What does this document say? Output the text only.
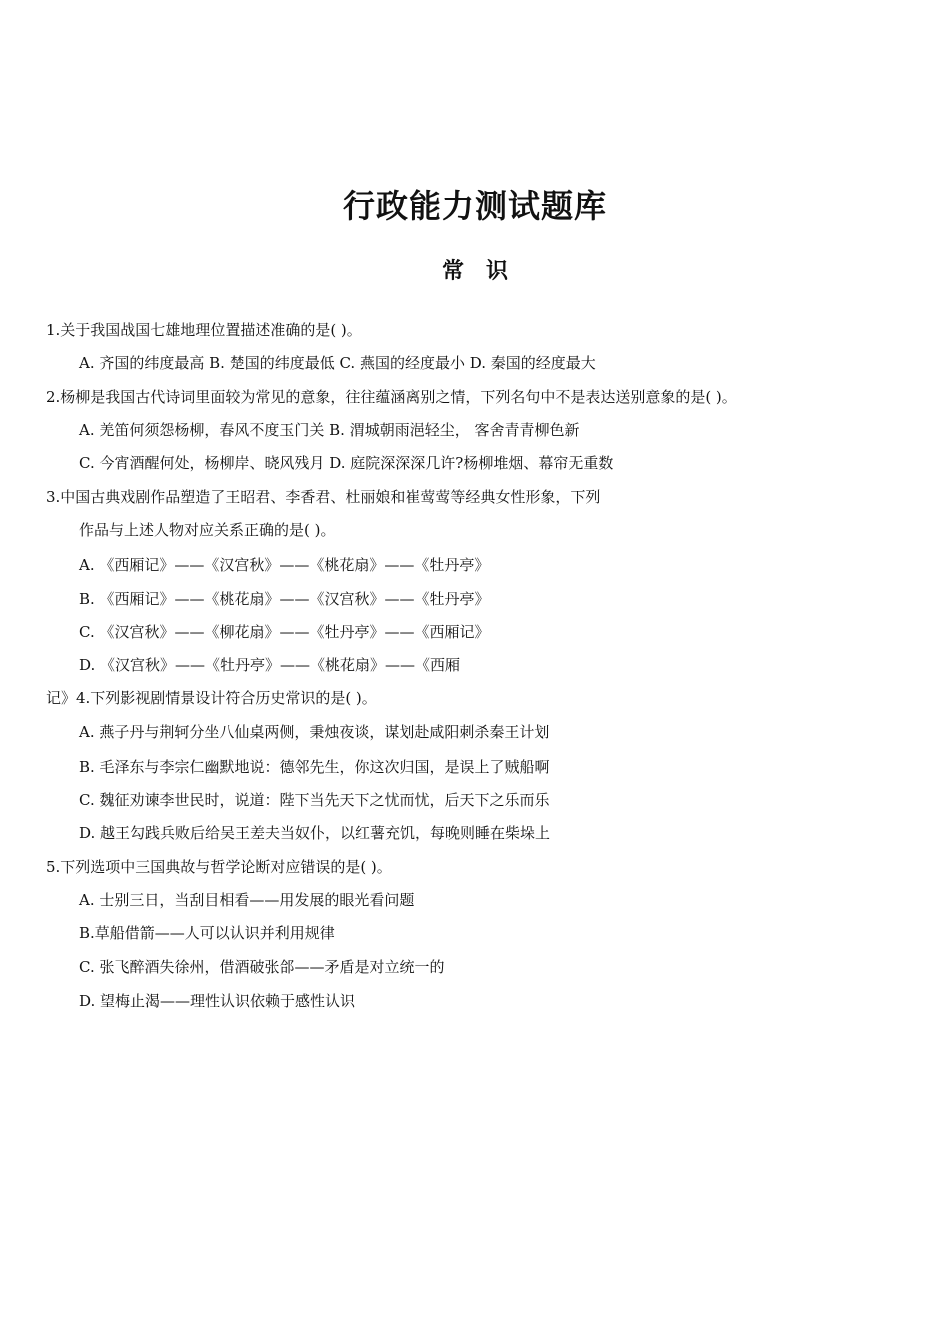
行政能力测试题库
常识
1.关于我国战国七雄地理位置描述准确的是( )。
A. 齐国的纬度最高 B. 楚国的纬度最低 C. 燕国的经度最小 D. 秦国的经度最大
2.杨柳是我国古代诗词里面较为常见的意象，往往蕴涵离别之情，下列名句中不是表达送别意象的是( )。
A. 羌笛何须怨杨柳，春风不度玉门关 B. 渭城朝雨浥轻尘， 客舍青青柳色新
C. 今宵酒醒何处，杨柳岸、晓风残月 D. 庭院深深深几许?杨柳堆烟、幕帘无重数
3.中国古典戏剧作品塑造了王昭君、李香君、杜丽娘和崔莺莺等经典女性形象，下列
作品与上述人物对应关系正确的是( )。
A. 《西厢记》——《汉宫秋》——《桃花扇》——《牡丹亭》
B. 《西厢记》——《桃花扇》——《汉宫秋》——《牡丹亭》
C. 《汉宫秋》——《柳花扇》——《牡丹亭》——《西厢记》
D. 《汉宫秋》——《牡丹亭》——《桃花扇》——《西厢
记》4.下列影视剧情景设计符合历史常识的是( )。
A. 燕子丹与荆轲分坐八仙桌两侧，秉烛夜谈，谋划赴咸阳刺杀秦王计划
B. 毛泽东与李宗仁幽默地说：德邻先生，你这次归国，是误上了贼船啊
C. 魏征劝谏李世民时，说道：陛下当先天下之忧而忧，后天下之乐而乐
D. 越王勾践兵败后给吴王差夫当奴仆，以红薯充饥，每晚则睡在柴垛上
5.下列选项中三国典故与哲学论断对应错误的是( )。
A. 士别三日，当刮目相看——用发展的眼光看问题
B.草船借箭——人可以认识并利用规律
C. 张飞醉酒失徐州，借酒破张郃——矛盾是对立统一的
D. 望梅止渴——理性认识依赖于感性认识
